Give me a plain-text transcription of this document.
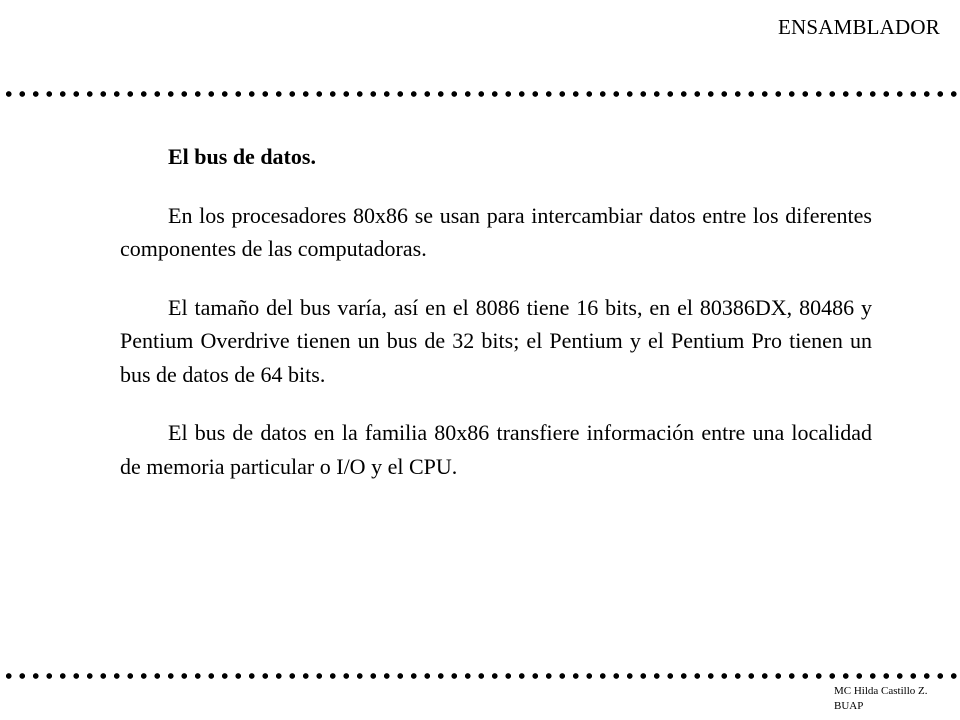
ENSAMBLADOR

El bus de datos.

En los procesadores 80x86 se usan para intercambiar datos entre los diferentes componentes de las computadoras.

El tamaño del bus varía, así en el 8086 tiene 16 bits, en el 80386DX, 80486 y Pentium Overdrive tienen un bus de 32 bits; el Pentium y el Pentium Pro tienen un bus de datos de 64 bits.

El bus de datos en la familia 80x86 transfiere información entre una localidad de memoria particular o I/O y el CPU.

MC Hilda Castillo Z.
BUAP
